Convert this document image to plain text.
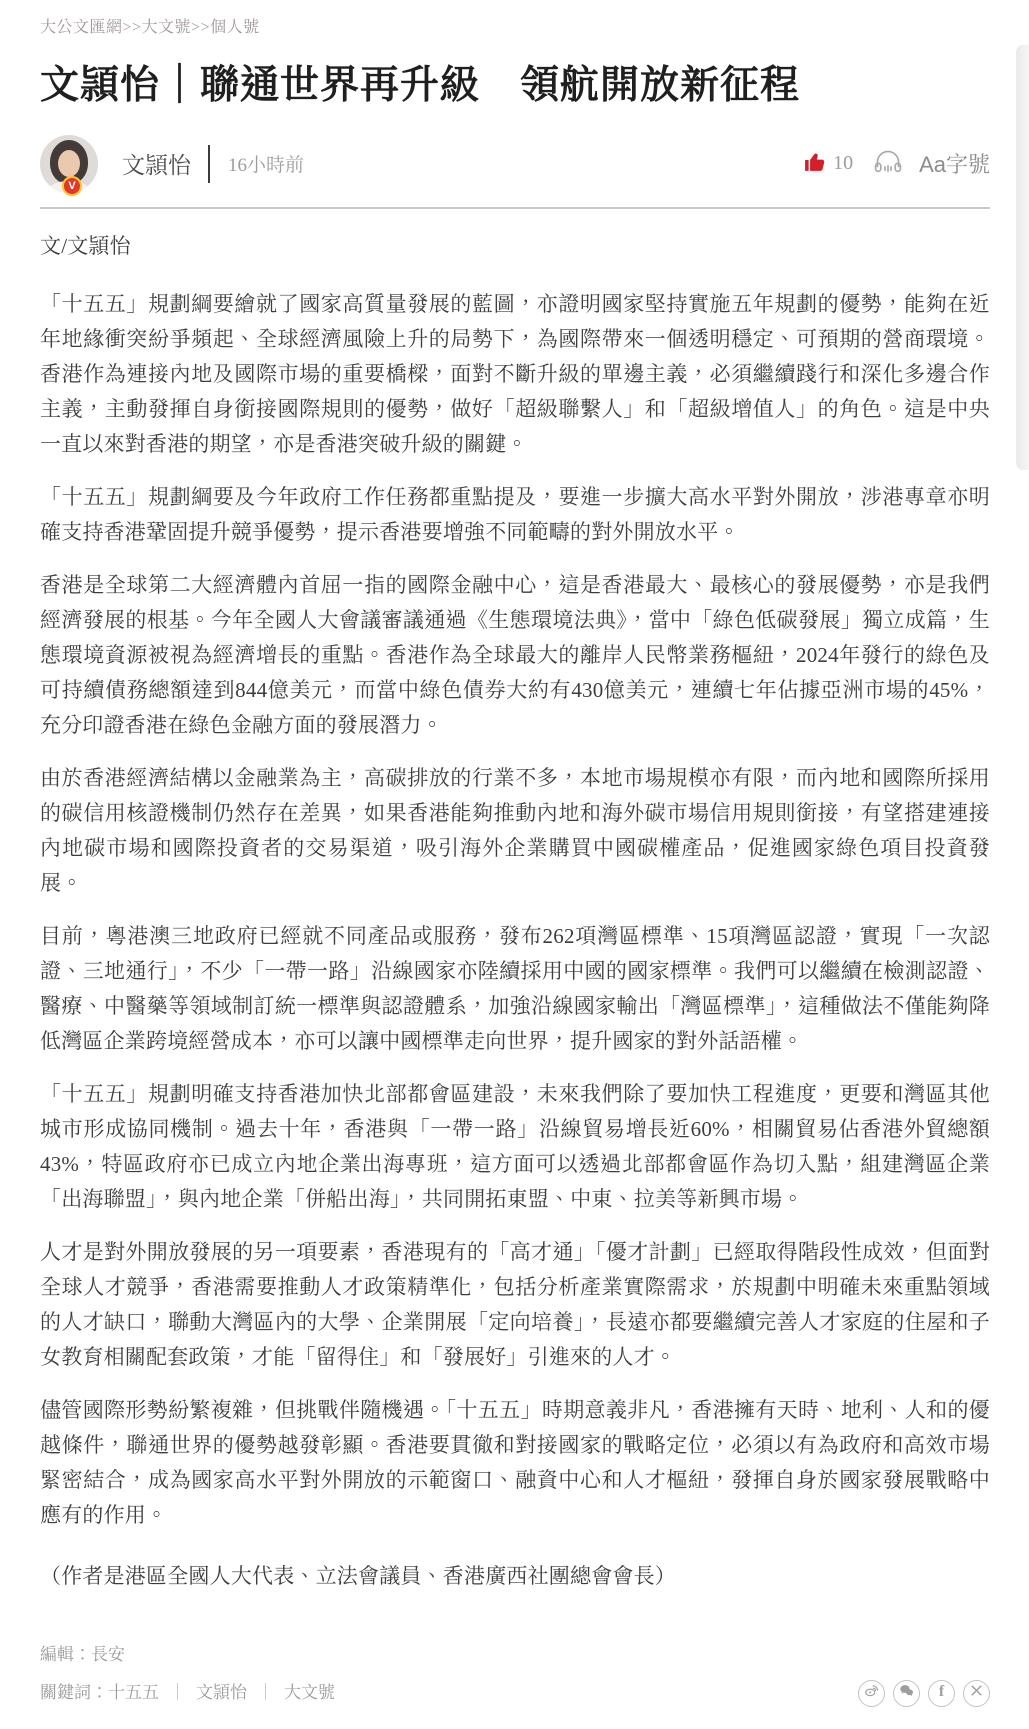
大公文匯網>>大文號>>個人號
文頴怡｜聯通世界再升級　領航開放新征程
V
文頴怡 16小時前	10	Aa字號

文/文頴怡

「十五五」規劃綱要繪就了國家高質量發展的藍圖，亦證明國家堅持實施五年規劃的優勢，能夠在近年地緣衝突紛爭頻起、全球經濟風險上升的局勢下，為國際帶來一個透明穩定、可預期的營商環境。香港作為連接內地及國際市場的重要橋樑，面對不斷升級的單邊主義，必須繼續踐行和深化多邊合作主義，主動發揮自身銜接國際規則的優勢，做好「超級聯繫人」和「超級增值人」的角色。這是中央一直以來對香港的期望，亦是香港突破升級的關鍵。

「十五五」規劃綱要及今年政府工作任務都重點提及，要進一步擴大高水平對外開放，涉港專章亦明確支持香港鞏固提升競爭優勢，提示香港要增強不同範疇的對外開放水平。

香港是全球第二大經濟體內首屈一指的國際金融中心，這是香港最大、最核心的發展優勢，亦是我們經濟發展的根基。今年全國人大會議審議通過《生態環境法典》，當中「綠色低碳發展」獨立成篇，生態環境資源被視為經濟增長的重點。香港作為全球最大的離岸人民幣業務樞紐，2024年發行的綠色及可持續債務總額達到844億美元，而當中綠色債券大約有430億美元，連續七年佔據亞洲市場的45%，充分印證香港在綠色金融方面的發展潛力。

由於香港經濟結構以金融業為主，高碳排放的行業不多，本地市場規模亦有限，而內地和國際所採用的碳信用核證機制仍然存在差異，如果香港能夠推動內地和海外碳市場信用規則銜接，有望搭建連接內地碳市場和國際投資者的交易渠道，吸引海外企業購買中國碳權產品，促進國家綠色項目投資發展。

目前，粵港澳三地政府已經就不同產品或服務，發布262項灣區標準、15項灣區認證，實現「一次認證、三地通行」，不少「一帶一路」沿線國家亦陸續採用中國的國家標準。我們可以繼續在檢測認證、醫療、中醫藥等領域制訂統一標準與認證體系，加強沿線國家輸出「灣區標準」，這種做法不僅能夠降低灣區企業跨境經營成本，亦可以讓中國標準走向世界，提升國家的對外話語權。

「十五五」規劃明確支持香港加快北部都會區建設，未來我們除了要加快工程進度，更要和灣區其他城市形成協同機制。過去十年，香港與「一帶一路」沿線貿易增長近60%，相關貿易佔香港外貿總額43%，特區政府亦已成立內地企業出海專班，這方面可以透過北部都會區作為切入點，組建灣區企業「出海聯盟」，與內地企業「併船出海」，共同開拓東盟、中東、拉美等新興市場。

人才是對外開放發展的另一項要素，香港現有的「高才通」「優才計劃」已經取得階段性成效，但面對全球人才競爭，香港需要推動人才政策精準化，包括分析產業實際需求，於規劃中明確未來重點領域的人才缺口，聯動大灣區內的大學、企業開展「定向培養」，長遠亦都要繼續完善人才家庭的住屋和子女教育相關配套政策，才能「留得住」和「發展好」引進來的人才。

儘管國際形勢紛繁複雜，但挑戰伴隨機遇。「十五五」時期意義非凡，香港擁有天時、地利、人和的優越條件，聯通世界的優勢越發彰顯。香港要貫徹和對接國家的戰略定位，必須以有為政府和高效市場緊密結合，成為國家高水平對外開放的示範窗口、融資中心和人才樞紐，發揮自身於國家發展戰略中應有的作用。

（作者是港區全國人大代表、立法會議員、香港廣西社團總會會長）

編輯：長安
關鍵詞： 十五五 ｜ 文頴怡 ｜ 大文號	f
